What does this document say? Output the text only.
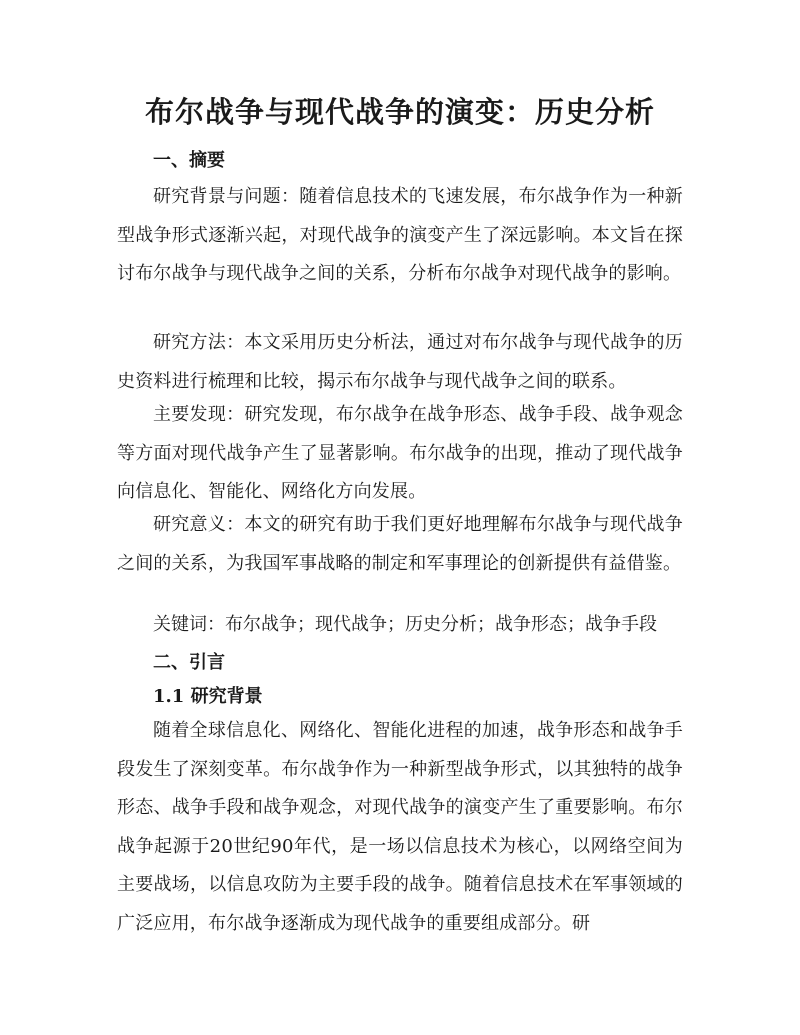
布尔战争与现代战争的演变：历史分析
一、摘要

研究背景与问题：随着信息技术的飞速发展，布尔战争作为一种新型战争形式逐渐兴起，对现代战争的演变产生了深远影响。本文旨在探讨布尔战争与现代战争之间的关系，分析布尔战争对现代战争的影响。

研究方法：本文采用历史分析法，通过对布尔战争与现代战争的历史资料进行梳理和比较，揭示布尔战争与现代战争之间的联系。

主要发现：研究发现，布尔战争在战争形态、战争手段、战争观念等方面对现代战争产生了显著影响。布尔战争的出现，推动了现代战争向信息化、智能化、网络化方向发展。

研究意义：本文的研究有助于我们更好地理解布尔战争与现代战争之间的关系，为我国军事战略的制定和军事理论的创新提供有益借鉴。

关键词：布尔战争；现代战争；历史分析；战争形态；战争手段

二、引言
1.1 研究背景

随着全球信息化、网络化、智能化进程的加速，战争形态和战争手段发生了深刻变革。布尔战争作为一种新型战争形式，以其独特的战争形态、战争手段和战争观念，对现代战争的演变产生了重要影响。布尔战争起源于20世纪90年代，是一场以信息技术为核心，以网络空间为主要战场，以信息攻防为主要手段的战争。随着信息技术在军事领域的广泛应用，布尔战争逐渐成为现代战争的重要组成部分。研
